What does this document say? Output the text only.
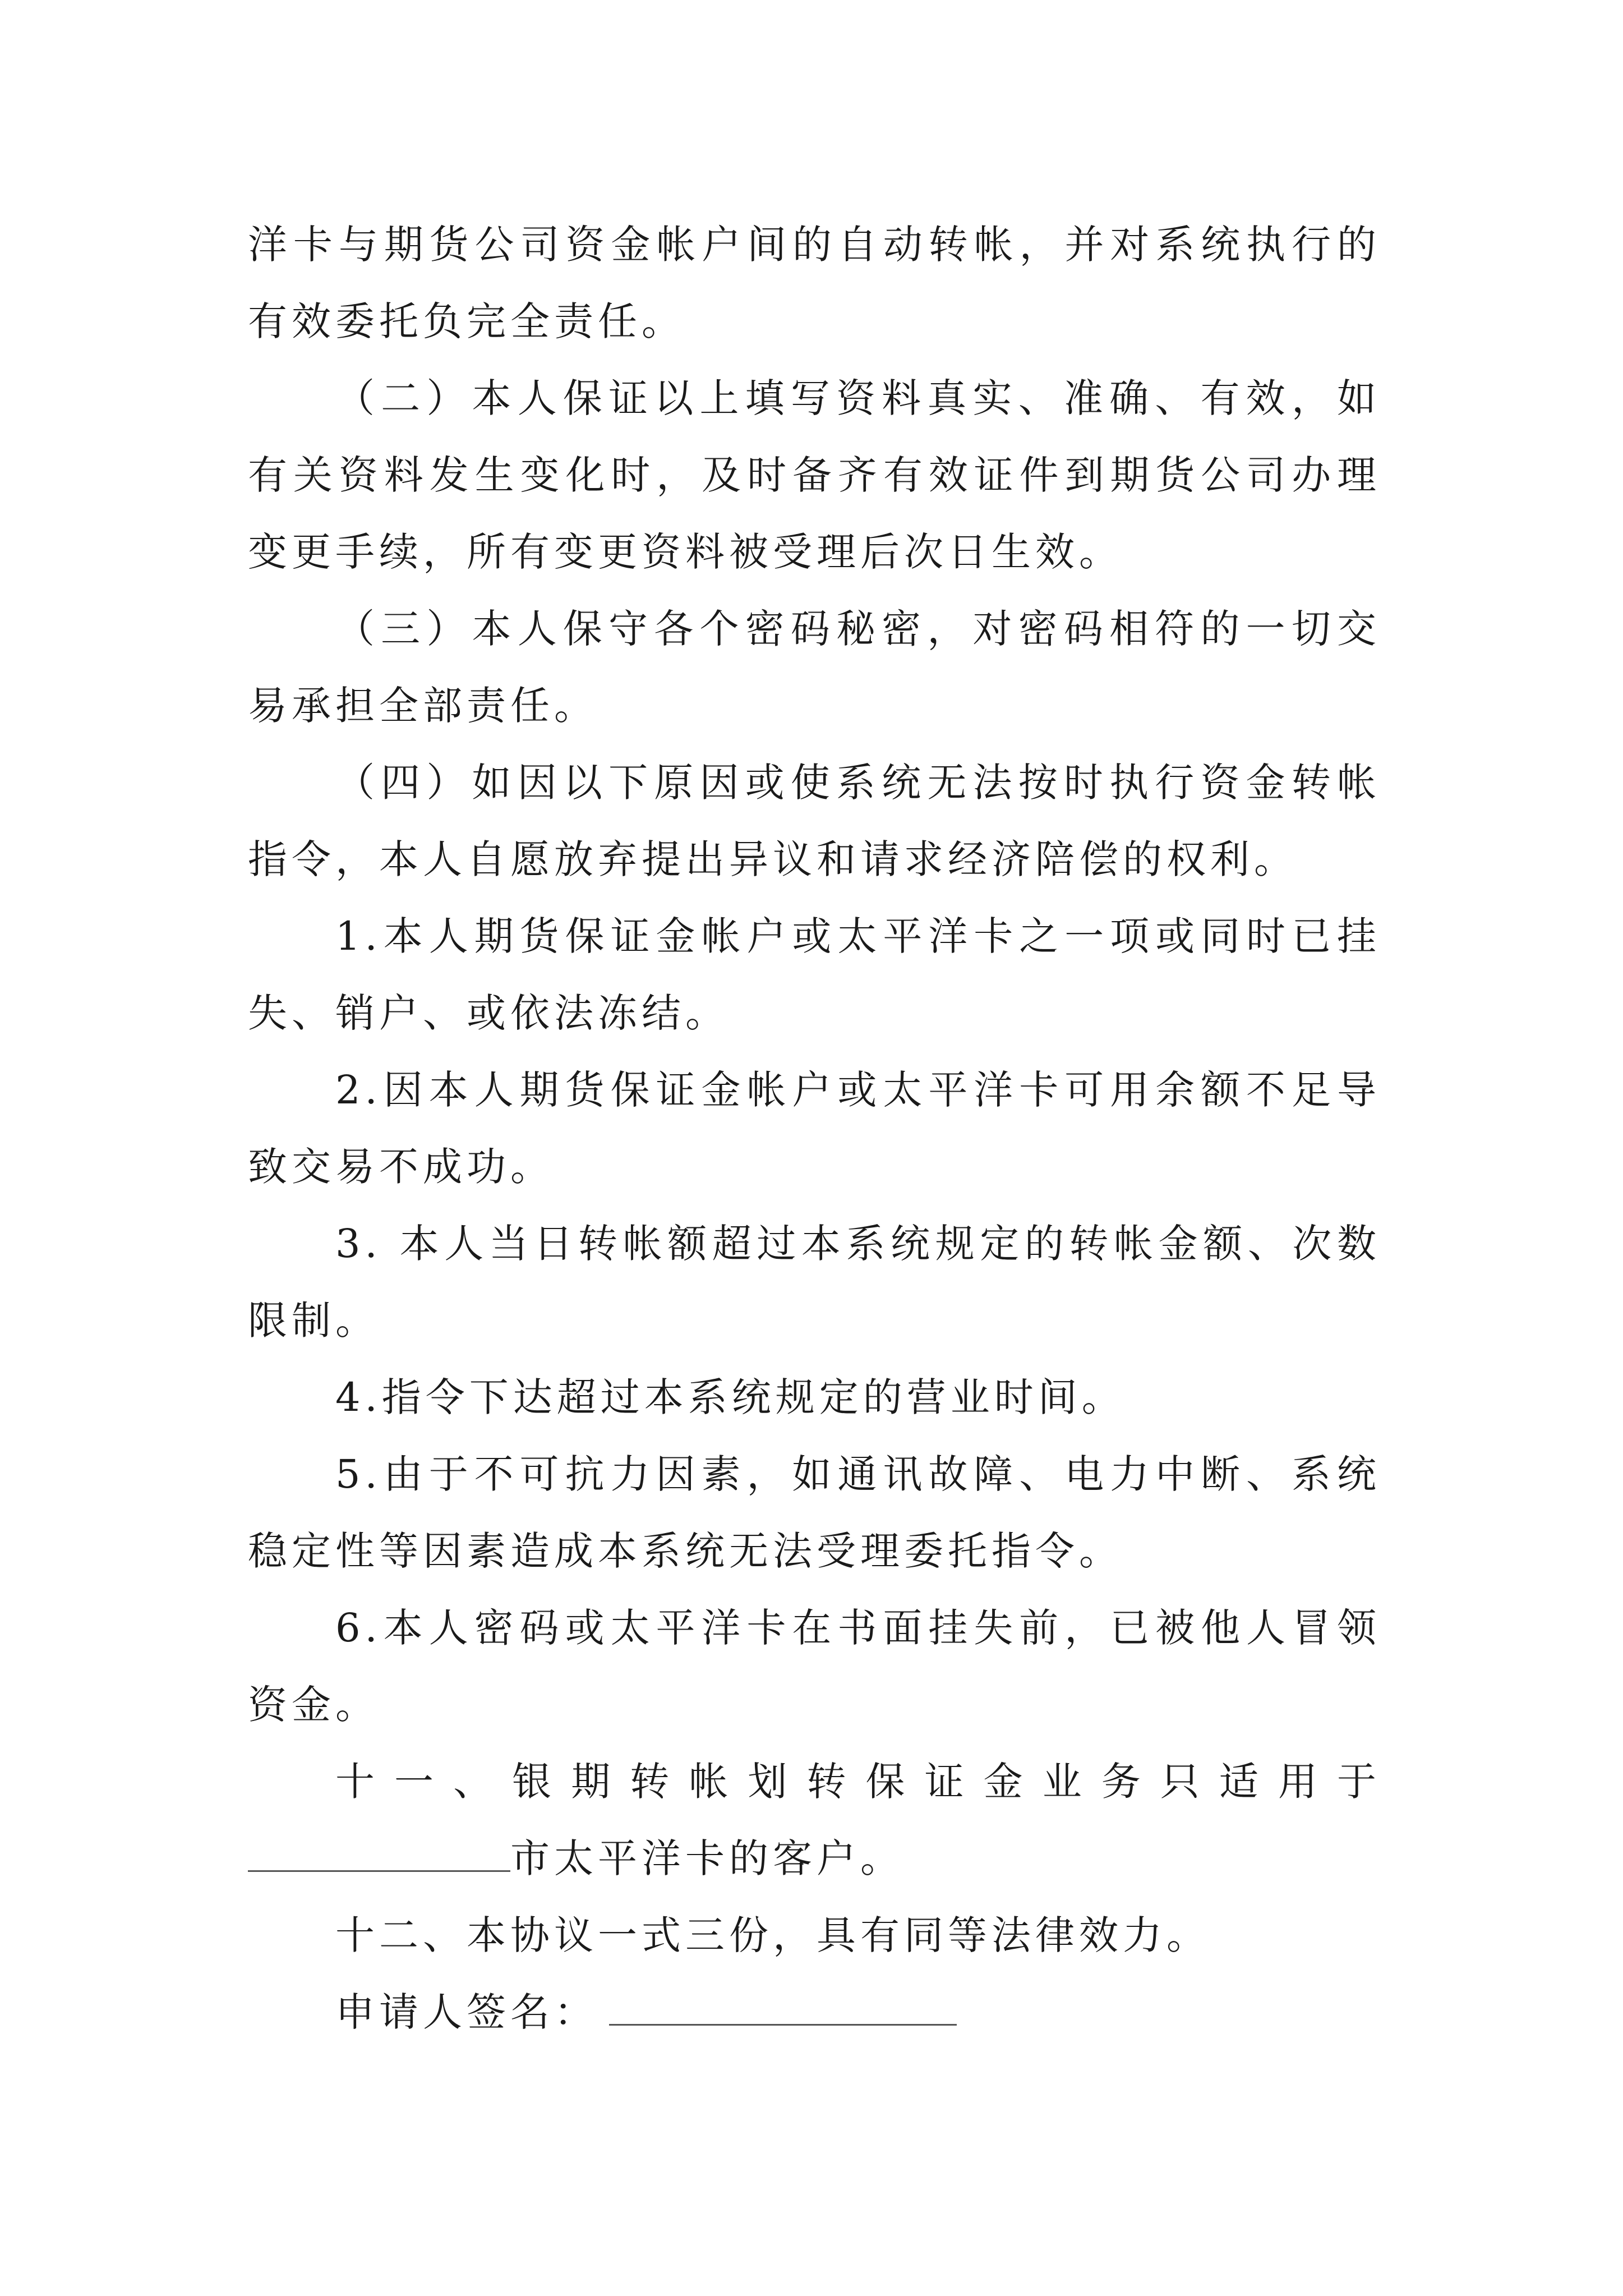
洋卡与期货公司资金帐户间的自动转帐，并对系统执行的有效委托负完全责任。

（二）本人保证以上填写资料真实、准确、有效，如有关资料发生变化时，及时备齐有效证件到期货公司办理变更手续，所有变更资料被受理后次日生效。

（三）本人保守各个密码秘密，对密码相符的一切交易承担全部责任。

（四）如因以下原因或使系统无法按时执行资金转帐指令，本人自愿放弃提出异议和请求经济陪偿的权利。

1.本人期货保证金帐户或太平洋卡之一项或同时已挂失、销户、或依法冻结。

2.因本人期货保证金帐户或太平洋卡可用余额不足导致交易不成功。

3. 本人当日转帐额超过本系统规定的转帐金额、次数限制。

4.指令下达超过本系统规定的营业时间。

5.由于不可抗力因素，如通讯故障、电力中断、系统稳定性等因素造成本系统无法受理委托指令。

6.本人密码或太平洋卡在书面挂失前，已被他人冒领资金。

十一、银期转帐划转保证金业务只适用于市太平洋卡的客户。

十二、本协议一式三份，具有同等法律效力。

申请人签名：
